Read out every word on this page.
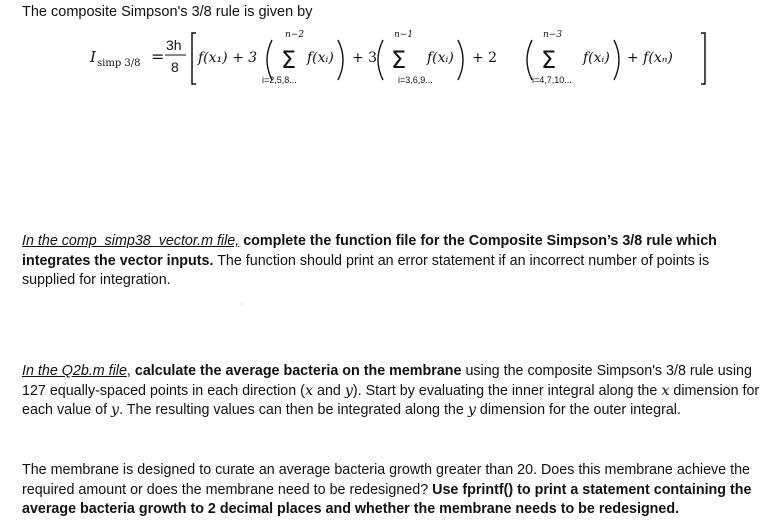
The composite Simpson's 3/8 rule is given by

I simp 3/8 =
3h
8
f(x₁) + 3
n−2
Σ
i=2,5,8...
f(xᵢ) + 3
n−1
Σ
i=3,6,9...
f(xᵢ) + 2
n−3
Σ
i=4,7,10...
f(xᵢ) + f(xₙ)

In the comp_simp38_vector.m file, complete the function file for the Composite Simpson’s 3/8 rule which integrates the vector inputs. The function should print an error statement if an incorrect number of points is supplied for integration.

In the Q2b.m file, calculate the average bacteria on the membrane using the composite Simpson's 3/8 rule using 127 equally-spaced points in each direction (x and y). Start by evaluating the inner integral along the x dimension for each value of y. The resulting values can then be integrated along the y dimension for the outer integral.

The membrane is designed to curate an average bacteria growth greater than 20. Does this membrane achieve the required amount or does the membrane need to be redesigned? Use fprintf() to print a statement containing the average bacteria growth to 2 decimal places and whether the membrane needs to be redesigned.
